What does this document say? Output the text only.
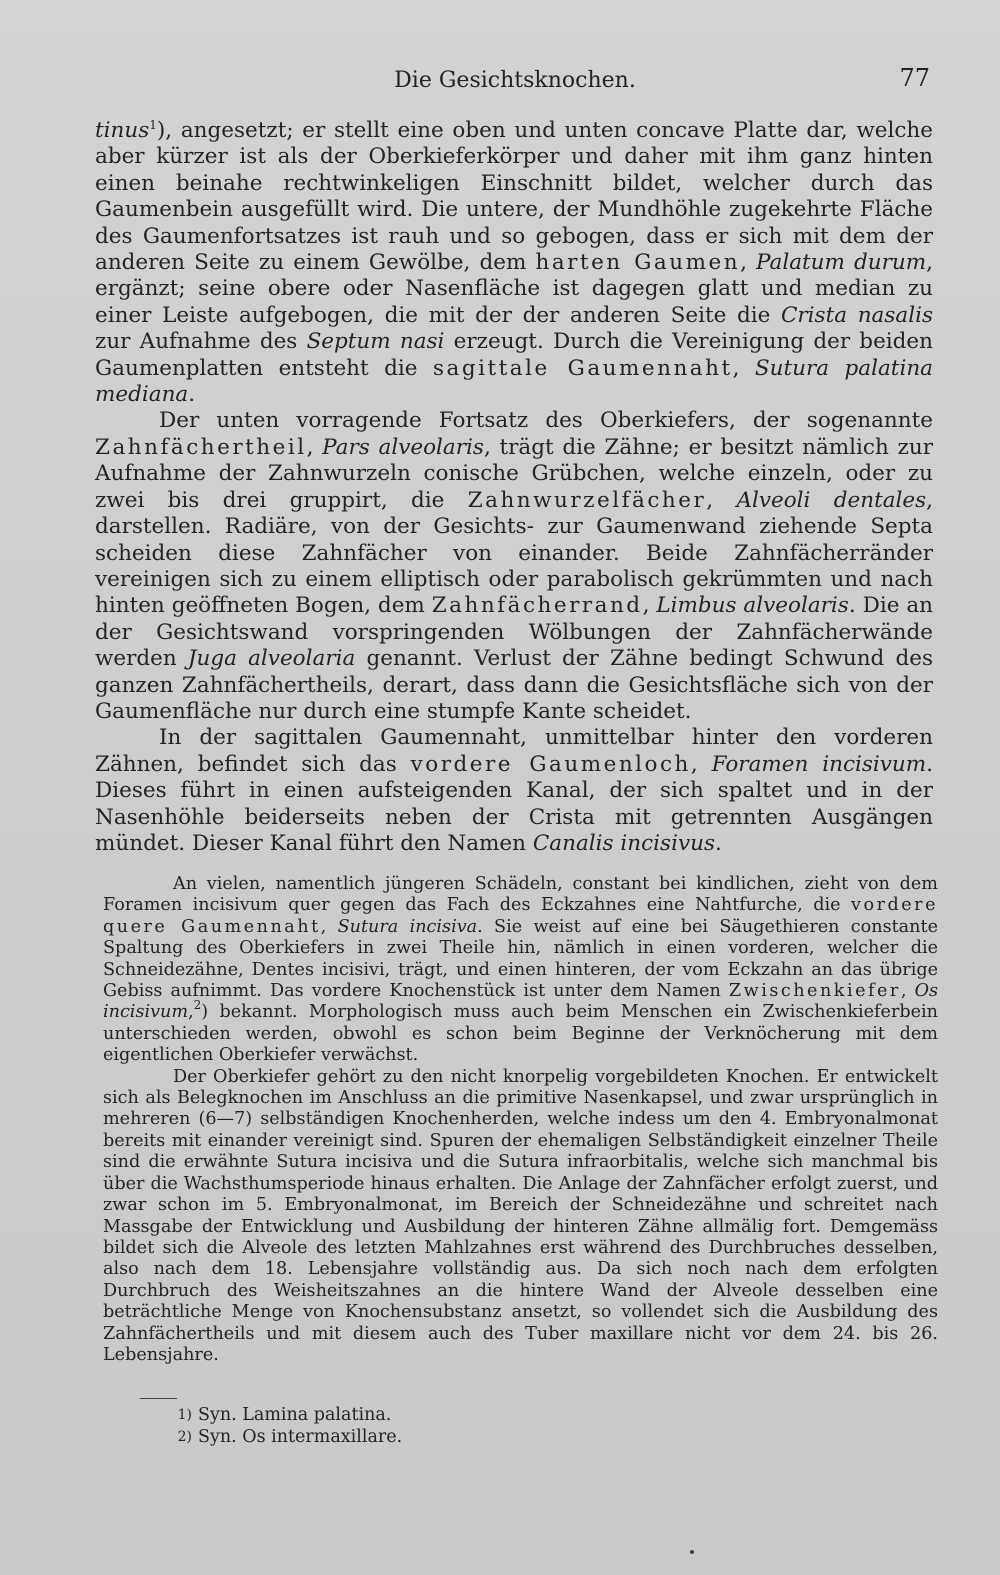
Die Gesichtsknochen.	77

tinus$^1$), angesetzt; er stellt eine oben und unten concave Platte dar, welche aber kürzer ist als der Oberkieferkörper und daher mit ihm ganz hinten einen beinahe rechtwinkeligen Einschnitt bildet, welcher durch das Gaumenbein ausgefüllt wird. Die untere, der Mundhöhle zugekehrte Fläche des Gaumenfortsatzes ist rauh und so gebogen, dass er sich mit dem der anderen Seite zu einem Gewölbe, dem harten Gaumen, Palatum durum, ergänzt; seine obere oder Nasenfläche ist dagegen glatt und median zu einer Leiste aufgebogen, die mit der der anderen Seite die Crista nasalis zur Aufnahme des Septum nasi erzeugt. Durch die Vereinigung der beiden Gaumenplatten entsteht die sagittale Gaumennaht, Sutura palatina mediana.

Der unten vorragende Fortsatz des Oberkiefers, der sogenannte Zahnfächertheil, Pars alveolaris, trägt die Zähne; er besitzt nämlich zur Aufnahme der Zahnwurzeln conische Grübchen, welche einzeln, oder zu zwei bis drei gruppirt, die Zahnwurzelfächer, Alveoli dentales, darstellen. Radiäre, von der Gesichts- zur Gaumenwand ziehende Septa scheiden diese Zahnfächer von einander. Beide Zahnfächerränder vereinigen sich zu einem elliptisch oder parabolisch gekrümmten und nach hinten geöffneten Bogen, dem Zahnfächerrand, Limbus alveolaris. Die an der Gesichtswand vorspringenden Wölbungen der Zahnfächerwände werden Juga alveolaria genannt. Verlust der Zähne bedingt Schwund des ganzen Zahnfächertheils, derart, dass dann die Gesichtsfläche sich von der Gaumenfläche nur durch eine stumpfe Kante scheidet.

In der sagittalen Gaumennaht, unmittelbar hinter den vorderen Zähnen, befindet sich das vordere Gaumenloch, Foramen incisivum. Dieses führt in einen aufsteigenden Kanal, der sich spaltet und in der Nasenhöhle beiderseits neben der Crista mit getrennten Ausgängen mündet. Dieser Kanal führt den Namen Canalis incisivus.

An vielen, namentlich jüngeren Schädeln, constant bei kindlichen, zieht von dem Foramen incisivum quer gegen das Fach des Eckzahnes eine Nahtfurche, die vordere quere Gaumennaht, Sutura incisiva. Sie weist auf eine bei Säugethieren constante Spaltung des Oberkiefers in zwei Theile hin, nämlich in einen vorderen, welcher die Schneidezähne, Dentes incisivi, trägt, und einen hinteren, der vom Eckzahn an das übrige Gebiss aufnimmt. Das vordere Knochenstück ist unter dem Namen Zwischenkiefer, Os incisivum,$^2$) bekannt. Morphologisch muss auch beim Menschen ein Zwischenkieferbein unterschieden werden, obwohl es schon beim Beginne der Verknöcherung mit dem eigentlichen Oberkiefer verwächst.

Der Oberkiefer gehört zu den nicht knorpelig vorgebildeten Knochen. Er entwickelt sich als Belegknochen im Anschluss an die primitive Nasenkapsel, und zwar ursprünglich in mehreren (6—7) selbständigen Knochenherden, welche indess um den 4. Embryonalmonat bereits mit einander vereinigt sind. Spuren der ehemaligen Selbständigkeit einzelner Theile sind die erwähnte Sutura incisiva und die Sutura infraorbitalis, welche sich manchmal bis über die Wachsthumsperiode hinaus erhalten. Die Anlage der Zahnfächer erfolgt zuerst, und zwar schon im 5. Embryonalmonat, im Bereich der Schneidezähne und schreitet nach Massgabe der Entwicklung und Ausbildung der hinteren Zähne allmälig fort. Demgemäss bildet sich die Alveole des letzten Mahlzahnes erst während des Durchbruches desselben, also nach dem 18. Lebensjahre vollständig aus. Da sich noch nach dem erfolgten Durchbruch des Weisheitszahnes an die hintere Wand der Alveole desselben eine beträchtliche Menge von Knochensubstanz ansetzt, so vollendet sich die Ausbildung des Zahnfächertheils und mit diesem auch des Tuber maxillare nicht vor dem 24. bis 26. Lebensjahre.

1) Syn. Lamina palatina.
2) Syn. Os intermaxillare.
